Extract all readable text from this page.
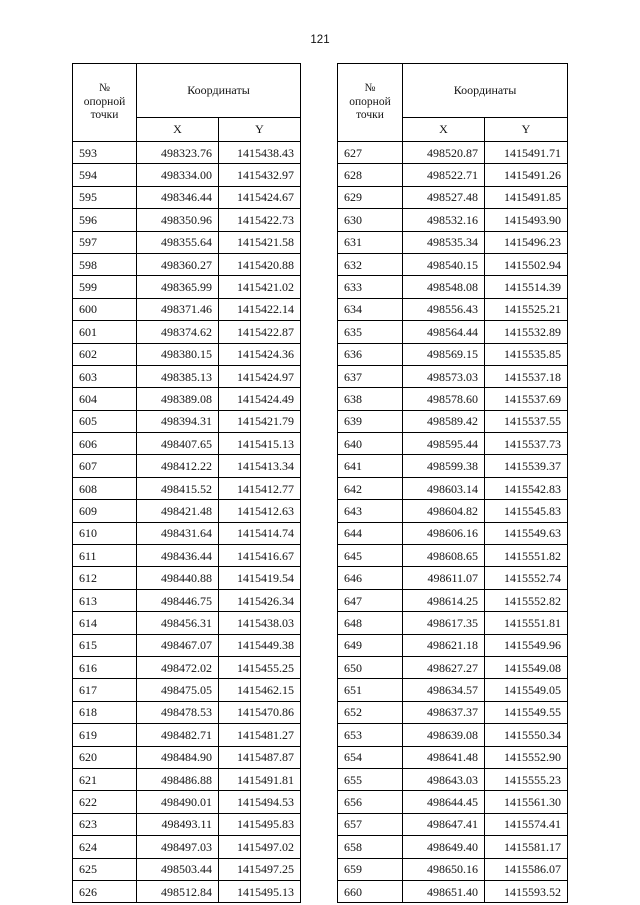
121
№
опорной
точки	Координаты	
	X	Y
593	498323.76	1415438.43
594	498334.00	1415432.97
595	498346.44	1415424.67
596	498350.96	1415422.73
597	498355.64	1415421.58
598	498360.27	1415420.88
599	498365.99	1415421.02
600	498371.46	1415422.14
601	498374.62	1415422.87
602	498380.15	1415424.36
603	498385.13	1415424.97
604	498389.08	1415424.49
605	498394.31	1415421.79
606	498407.65	1415415.13
607	498412.22	1415413.34
608	498415.52	1415412.77
609	498421.48	1415412.63
610	498431.64	1415414.74
611	498436.44	1415416.67
612	498440.88	1415419.54
613	498446.75	1415426.34
614	498456.31	1415438.03
615	498467.07	1415449.38
616	498472.02	1415455.25
617	498475.05	1415462.15
618	498478.53	1415470.86
619	498482.71	1415481.27
620	498484.90	1415487.87
621	498486.88	1415491.81
622	498490.01	1415494.53
623	498493.11	1415495.83
624	498497.03	1415497.02
625	498503.44	1415497.25
626	498512.84	1415495.13
№
опорной
точки	Координаты	
	X	Y
627	498520.87	1415491.71
628	498522.71	1415491.26
629	498527.48	1415491.85
630	498532.16	1415493.90
631	498535.34	1415496.23
632	498540.15	1415502.94
633	498548.08	1415514.39
634	498556.43	1415525.21
635	498564.44	1415532.89
636	498569.15	1415535.85
637	498573.03	1415537.18
638	498578.60	1415537.69
639	498589.42	1415537.55
640	498595.44	1415537.73
641	498599.38	1415539.37
642	498603.14	1415542.83
643	498604.82	1415545.83
644	498606.16	1415549.63
645	498608.65	1415551.82
646	498611.07	1415552.74
647	498614.25	1415552.82
648	498617.35	1415551.81
649	498621.18	1415549.96
650	498627.27	1415549.08
651	498634.57	1415549.05
652	498637.37	1415549.55
653	498639.08	1415550.34
654	498641.48	1415552.90
655	498643.03	1415555.23
656	498644.45	1415561.30
657	498647.41	1415574.41
658	498649.40	1415581.17
659	498650.16	1415586.07
660	498651.40	1415593.52
